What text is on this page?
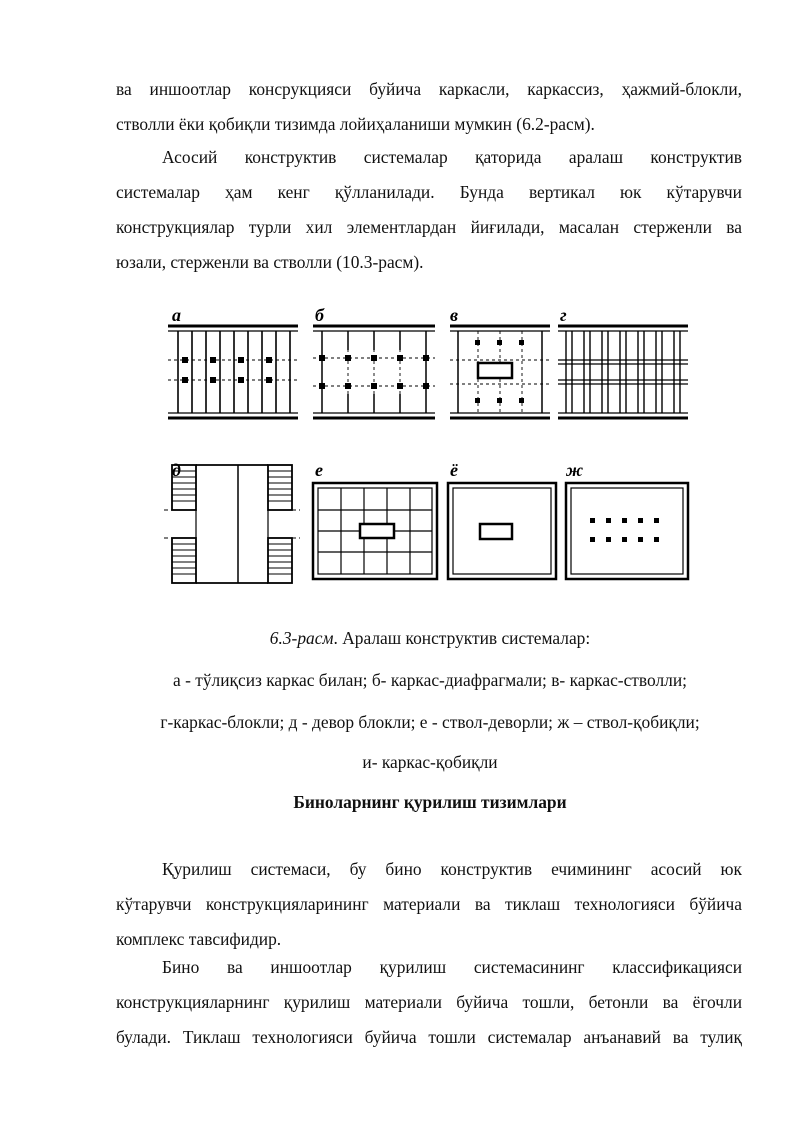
ва иншоотлар консрукцияси буйича каркасли, каркассиз, ҳажмий-блокли,
стволли ёки қобиқли тизимда лойиҳаланиши мумкин (6.2-расм).

Асосий конструктив системалар қаторида аралаш конструктив
системалар ҳам кенг қўлланилади. Бунда вертикал юк кўтарувчи
конструкциялар турли хил элементлардан йиғилади, масалан стерженли ва
юзали, стерженли ва стволли (10.3-расм).

а	б	в	г
д	е	ё	ж

6.3-расм. Аралаш конструктив системалар:

а - тўлиқсиз каркас билан; б- каркас-диафрагмали; в- каркас-стволли;

г-каркас-блокли; д - девор блокли; е - ствол-деворли; ж – ствол-қобиқли;

и- каркас-қобиқли

Биноларнинг қурилиш тизимлари

Қурилиш системаси, бу бино конструктив ечимининг асосий юк
кўтарувчи конструкцияларининг материали ва тиклаш технологияси бўйича
комплекс тавсифидир.

Бино ва иншоотлар қурилиш системасининг классификацияси
конструкцияларнинг қурилиш материали буйича тошли, бетонли ва ёгочли
булади. Тиклаш технологияси буйича тошли системалар анъанавий ва тулиқ
